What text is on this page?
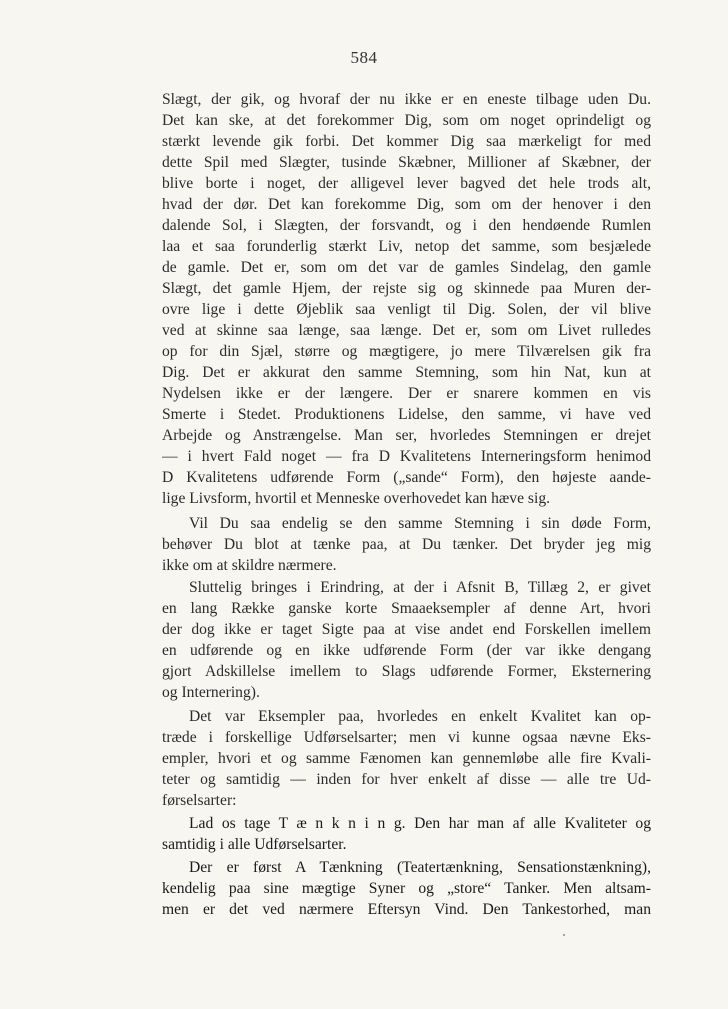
584
Slægt, der gik, og hvoraf der nu ikke er en eneste tilbage uden Du.
Det kan ske, at det forekommer Dig, som om noget oprindeligt og
stærkt levende gik forbi. Det kommer Dig saa mærkeligt for med
dette Spil med Slægter, tusinde Skæbner, Millioner af Skæbner, der
blive borte i noget, der alligevel lever bagved det hele trods alt,
hvad der dør. Det kan forekomme Dig, som om der henover i den
dalende Sol, i Slægten, der forsvandt, og i den hendøende Rumlen
laa et saa forunderlig stærkt Liv, netop det samme, som besjælede
de gamle. Det er, som om det var de gamles Sindelag, den gamle
Slægt, det gamle Hjem, der rejste sig og skinnede paa Muren der-
ovre lige i dette Øjeblik saa venligt til Dig. Solen, der vil blive
ved at skinne saa længe, saa længe. Det er, som om Livet rulledes
op for din Sjæl, større og mægtigere, jo mere Tilværelsen gik fra
Dig. Det er akkurat den samme Stemning, som hin Nat, kun at
Nydelsen ikke er der længere. Der er snarere kommen en vis
Smerte i Stedet. Produktionens Lidelse, den samme, vi have ved
Arbejde og Anstrængelse. Man ser, hvorledes Stemningen er drejet
— i hvert Fald noget — fra D Kvalitetens Interneringsform henimod
D Kvalitetens udførende Form („sande“ Form), den højeste aande-
lige Livsform, hvortil et Menneske overhovedet kan hæve sig.
Vil Du saa endelig se den samme Stemning i sin døde Form,
behøver Du blot at tænke paa, at Du tænker. Det bryder jeg mig
ikke om at skildre nærmere.
Sluttelig bringes i Erindring, at der i Afsnit B, Tillæg 2, er givet
en lang Række ganske korte Smaaeksempler af denne Art, hvori
der dog ikke er taget Sigte paa at vise andet end Forskellen imellem
en udførende og en ikke udførende Form (der var ikke dengang
gjort Adskillelse imellem to Slags udførende Former, Eksternering
og Internering).
Det var Eksempler paa, hvorledes en enkelt Kvalitet kan op-
træde i forskellige Udførselsarter; men vi kunne ogsaa nævne Eks-
empler, hvori et og samme Fænomen kan gennemløbe alle fire Kvali-
teter og samtidig — inden for hver enkelt af disse — alle tre Ud-
førselsarter:
Lad os tage T æ n k n i n g. Den har man af alle Kvaliteter og
samtidig i alle Udførselsarter.
Der er først A Tænkning (Teatertænkning, Sensationstænkning),
kendelig paa sine mægtige Syner og „store“ Tanker. Men altsam-
men er det ved nærmere Eftersyn Vind. Den Tankestorhed, man
